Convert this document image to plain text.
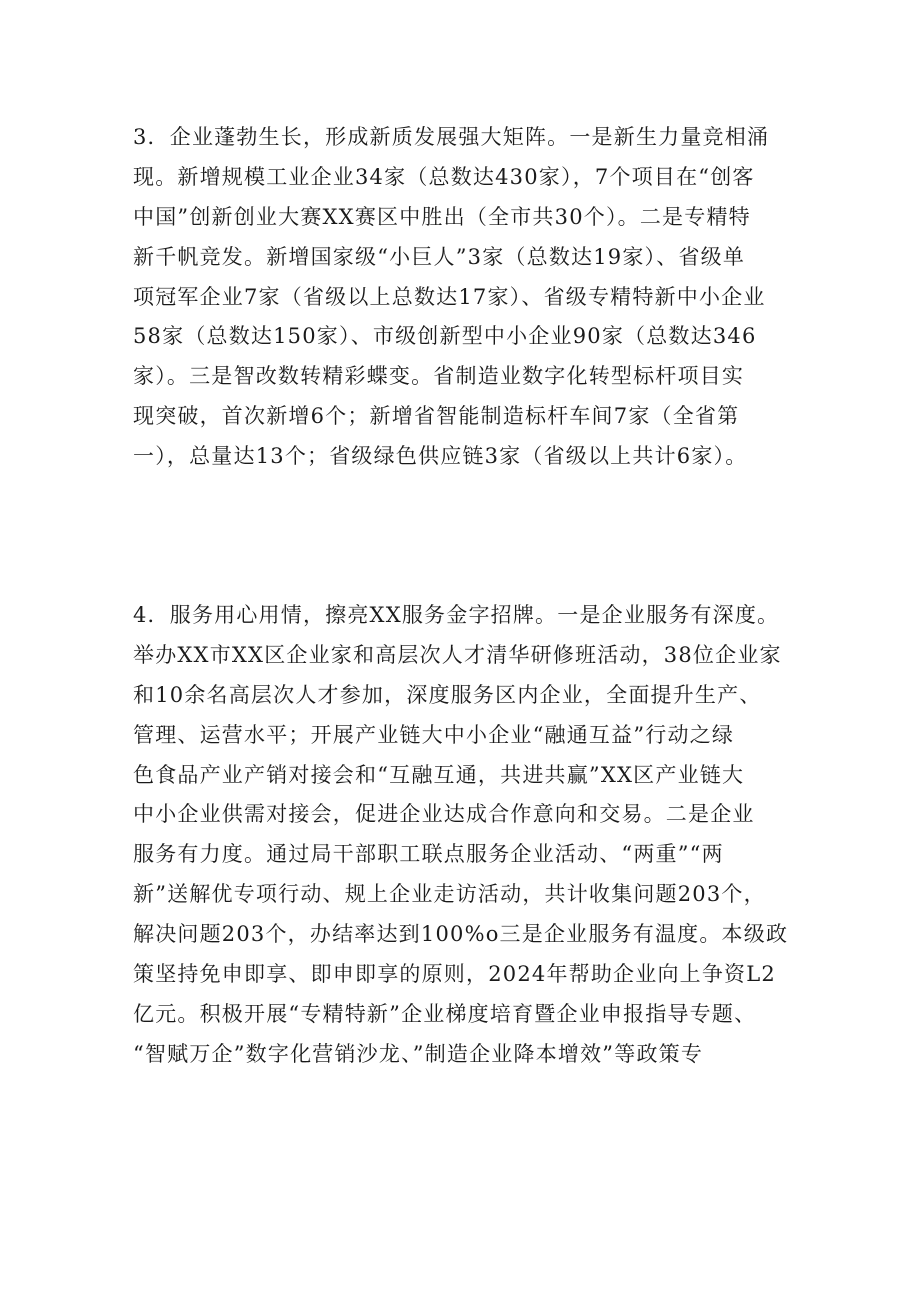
3．企业蓬勃生长，形成新质发展强大矩阵。一是新生力量竞相涌
现。新增规模工业企业34家（总数达430家），7个项目在“创客
中国”创新创业大赛XX赛区中胜出（全市共30个）。二是专精特
新千帆竞发。新增国家级“小巨人”3家（总数达19家）、省级单
项冠军企业7家（省级以上总数达17家）、省级专精特新中小企业
58家（总数达150家）、市级创新型中小企业90家（总数达346
家）。三是智改数转精彩蝶变。省制造业数字化转型标杆项目实
现突破，首次新增6个；新增省智能制造标杆车间7家（全省第
一），总量达13个；省级绿色供应链3家（省级以上共计6家）。
4．服务用心用情，擦亮XX服务金字招牌。一是企业服务有深度。
举办XX市XX区企业家和高层次人才清华研修班活动，38位企业家
和10余名高层次人才参加，深度服务区内企业，全面提升生产、
管理、运营水平；开展产业链大中小企业“融通互益”行动之绿
色食品产业产销对接会和“互融互通，共进共赢”XX区产业链大
中小企业供需对接会，促进企业达成合作意向和交易。二是企业
服务有力度。通过局干部职工联点服务企业活动、“两重”“两
新”送解优专项行动、规上企业走访活动，共计收集问题203个，
解决问题203个，办结率达到100%o三是企业服务有温度。本级政
策坚持免申即享、即申即享的原则，2024年帮助企业向上争资L2
亿元。积极开展“专精特新”企业梯度培育暨企业申报指导专题、
“智赋万企”数字化营销沙龙、”制造企业降本增效”等政策专
